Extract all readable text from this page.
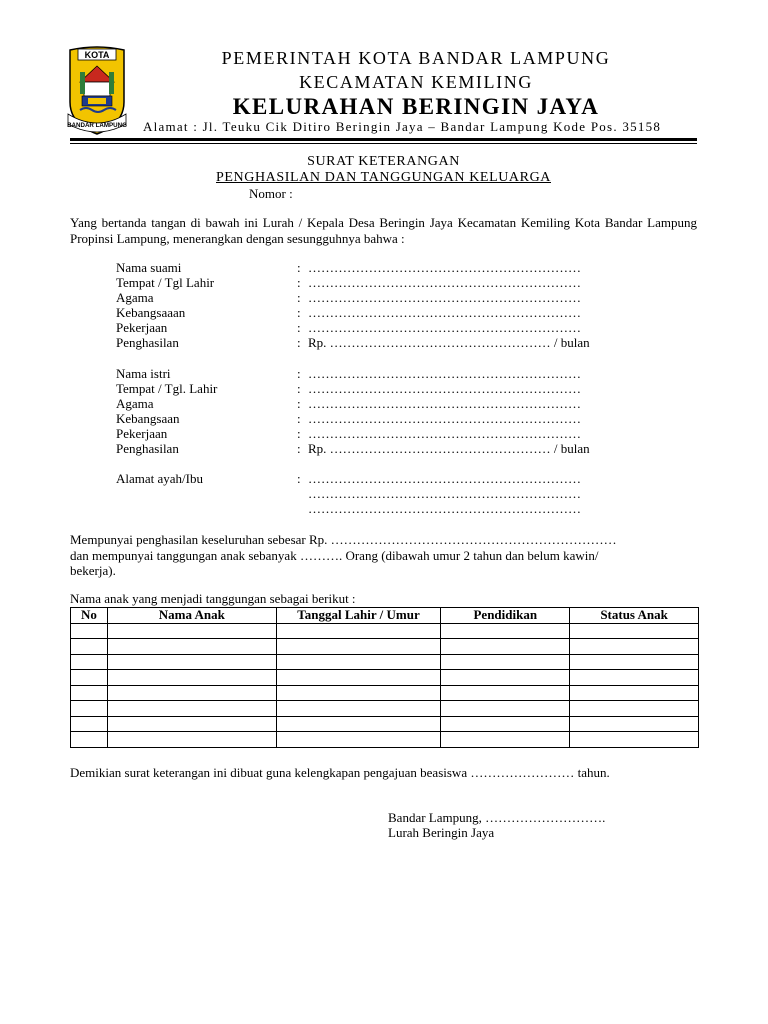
KOTA
BANDAR LAMPUNG
PEMERINTAH KOTA BANDAR LAMPUNG
KECAMATAN KEMILING
KELURAHAN BERINGIN JAYA
Alamat : Jl. Teuku Cik Ditiro Beringin Jaya – Bandar Lampung Kode Pos. 35158
SURAT KETERANGAN
PENGHASILAN DAN TANGGUNGAN KELUARGA
Nomor :
Yang bertanda tangan di bawah ini Lurah / Kepala Desa Beringin Jaya Kecamatan Kemiling Kota Bandar Lampung Propinsi Lampung, menerangkan dengan sesungguhnya bahwa :
Nama suami	: ………………………………………………………
Tempat / Tgl Lahir	: ………………………………………………………
Agama	: ………………………………………………………
Kebangsaaan	: ………………………………………………………
Pekerjaan	: ………………………………………………………
Penghasilan	: Rp. …………………………………………… / bulan
Nama istri	: ………………………………………………………
Tempat / Tgl. Lahir	: ………………………………………………………
Agama	: ………………………………………………………
Kebangsaan	: ………………………………………………………
Pekerjaan	: ………………………………………………………
Penghasilan	: Rp. …………………………………………… / bulan
Alamat ayah/Ibu	: ………………………………………………………
………………………………………………………
………………………………………………………
Mempunyai penghasilan keseluruhan sebesar Rp. …………………………………………………………
dan mempunyai tanggungan anak sebanyak ………. Orang (dibawah umur 2 tahun dan belum kawin/
bekerja).
Nama anak yang menjadi tanggungan sebagai berikut :
No	Nama Anak	Tanggal Lahir / Umur	Pendidikan	Status Anak

Demikian surat keterangan ini dibuat guna kelengkapan pengajuan beasiswa …………………… tahun.
Bandar Lampung, ……………………….
Lurah Beringin Jaya
